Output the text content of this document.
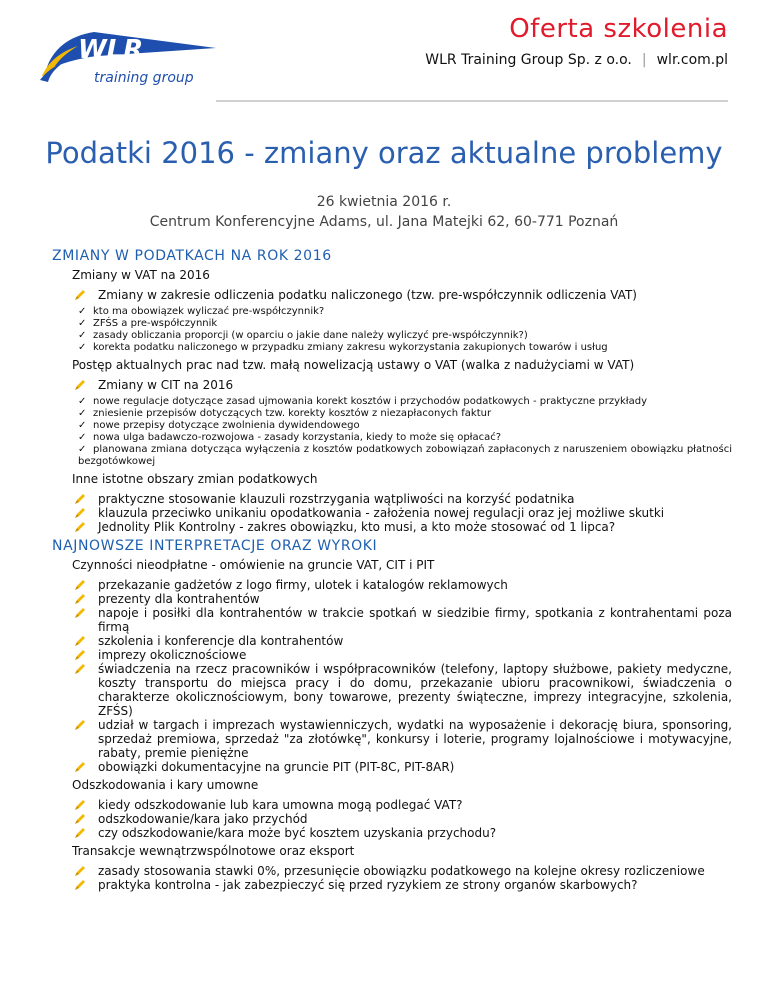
WLR
training group
Oferta szkolenia
WLR Training Group Sp. z o.o. | wlr.com.pl
Podatki 2016 - zmiany oraz aktualne problemy
26 kwietnia 2016 r.
Centrum Konferencyjne Adams, ul. Jana Matejki 62, 60-771 Poznań
ZMIANY W PODATKACH NA ROK 2016
Zmiany w VAT na 2016
Zmiany w zakresie odliczenia podatku naliczonego (tzw. pre-współczynnik odliczenia VAT)
✓ kto ma obowiązek wyliczać pre-współczynnik?
✓ ZFŚS a pre-współczynnik
✓ zasady obliczania proporcji (w oparciu o jakie dane należy wyliczyć pre-współczynnik?)
✓ korekta podatku naliczonego w przypadku zmiany zakresu wykorzystania zakupionych towarów i usług
Postęp aktualnych prac nad tzw. małą nowelizacją ustawy o VAT (walka z nadużyciami w VAT)
Zmiany w CIT na 2016
✓ nowe regulacje dotyczące zasad ujmowania korekt kosztów i przychodów podatkowych - praktyczne przykłady
✓ zniesienie przepisów dotyczących tzw. korekty kosztów z niezapłaconych faktur
✓ nowe przepisy dotyczące zwolnienia dywidendowego
✓ nowa ulga badawczo-rozwojowa - zasady korzystania, kiedy to może się opłacać?
✓ planowana zmiana dotycząca wyłączenia z kosztów podatkowych zobowiązań zapłaconych z naruszeniem obowiązku płatności bezgotówkowej
Inne istotne obszary zmian podatkowych
praktyczne stosowanie klauzuli rozstrzygania wątpliwości na korzyść podatnika
klauzula przeciwko unikaniu opodatkowania - założenia nowej regulacji oraz jej możliwe skutki
Jednolity Plik Kontrolny - zakres obowiązku, kto musi, a kto może stosować od 1 lipca?
NAJNOWSZE INTERPRETACJE ORAZ WYROKI
Czynności nieodpłatne - omówienie na gruncie VAT, CIT i PIT
przekazanie gadżetów z logo firmy, ulotek i katalogów reklamowych
prezenty dla kontrahentów
napoje i posiłki dla kontrahentów w trakcie spotkań w siedzibie firmy, spotkania z kontrahentami poza firmą
szkolenia i konferencje dla kontrahentów
imprezy okolicznościowe
świadczenia na rzecz pracowników i współpracowników (telefony, laptopy służbowe, pakiety medyczne, koszty transportu do miejsca pracy i do domu, przekazanie ubioru pracownikowi, świadczenia o charakterze okolicznościowym, bony towarowe, prezenty świąteczne, imprezy integracyjne, szkolenia, ZFŚS)
udział w targach i imprezach wystawienniczych, wydatki na wyposażenie i dekorację biura, sponsoring, sprzedaż premiowa, sprzedaż "za złotówkę", konkursy i loterie, programy lojalnościowe i motywacyjne, rabaty, premie pieniężne
obowiązki dokumentacyjne na gruncie PIT (PIT-8C, PIT-8AR)
Odszkodowania i kary umowne
kiedy odszkodowanie lub kara umowna mogą podlegać VAT?
odszkodowanie/kara jako przychód
czy odszkodowanie/kara może być kosztem uzyskania przychodu?
Transakcje wewnątrzwspólnotowe oraz eksport
zasady stosowania stawki 0%, przesunięcie obowiązku podatkowego na kolejne okresy rozliczeniowe
praktyka kontrolna - jak zabezpieczyć się przed ryzykiem ze strony organów skarbowych?
